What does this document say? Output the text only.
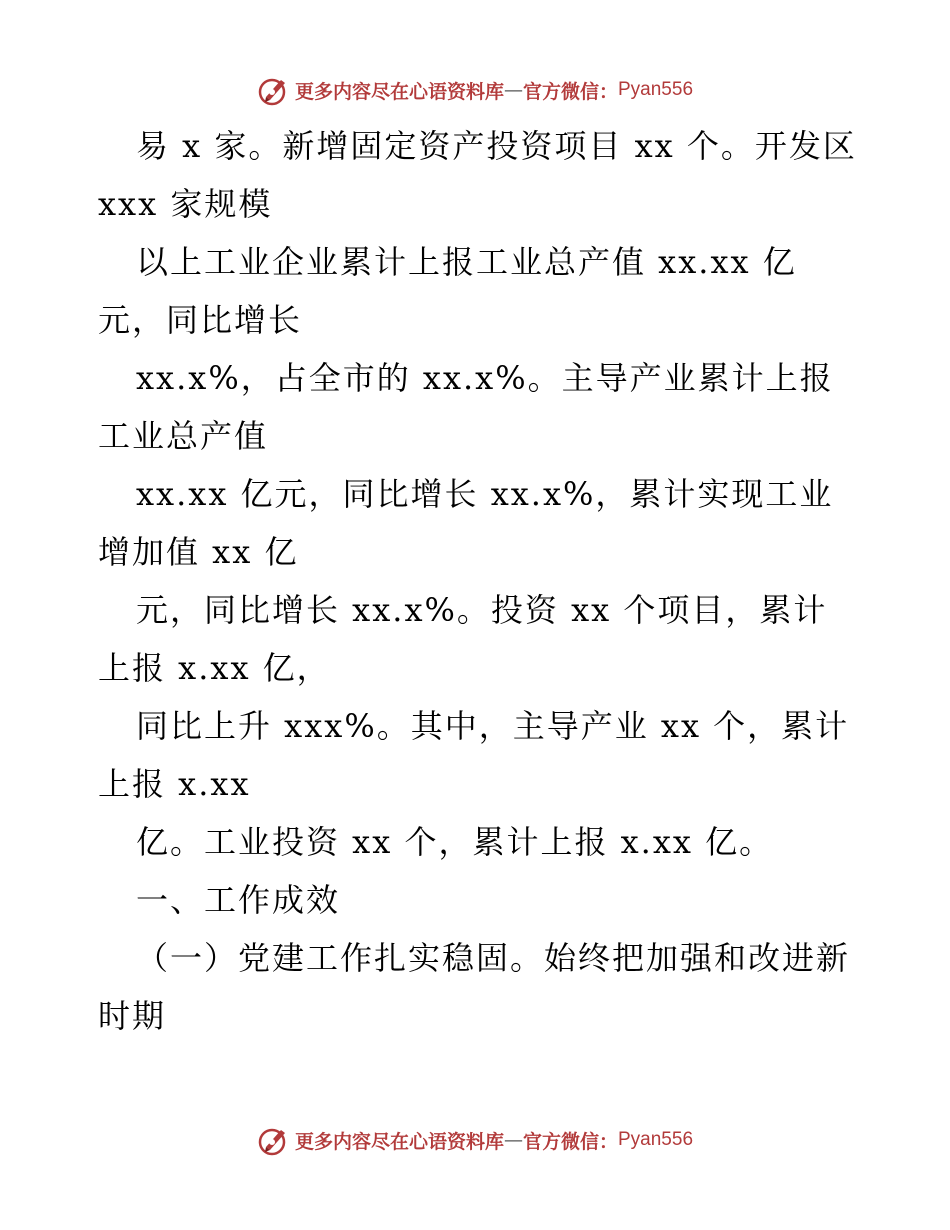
更多内容尽在心语资料库 — 官方微信： Pyan556
易 x 家。新增固定资产投资项目 xx 个。开发区
xxx 家规模
以上工业企业累计上报工业总产值 xx.xx 亿
元，同比增长
xx.x%，占全市的 xx.x%。主导产业累计上报
工业总产值
xx.xx 亿元，同比增长 xx.x%，累计实现工业
增加值 xx 亿
元，同比增长 xx.x%。投资 xx 个项目，累计
上报 x.xx 亿，
同比上升 xxx%。其中，主导产业 xx 个，累计
上报 x.xx
亿。工业投资 xx 个，累计上报 x.xx 亿。
一、工作成效
（一）党建工作扎实稳固。始终把加强和改进新
时期
更多内容尽在心语资料库 — 官方微信： Pyan556
